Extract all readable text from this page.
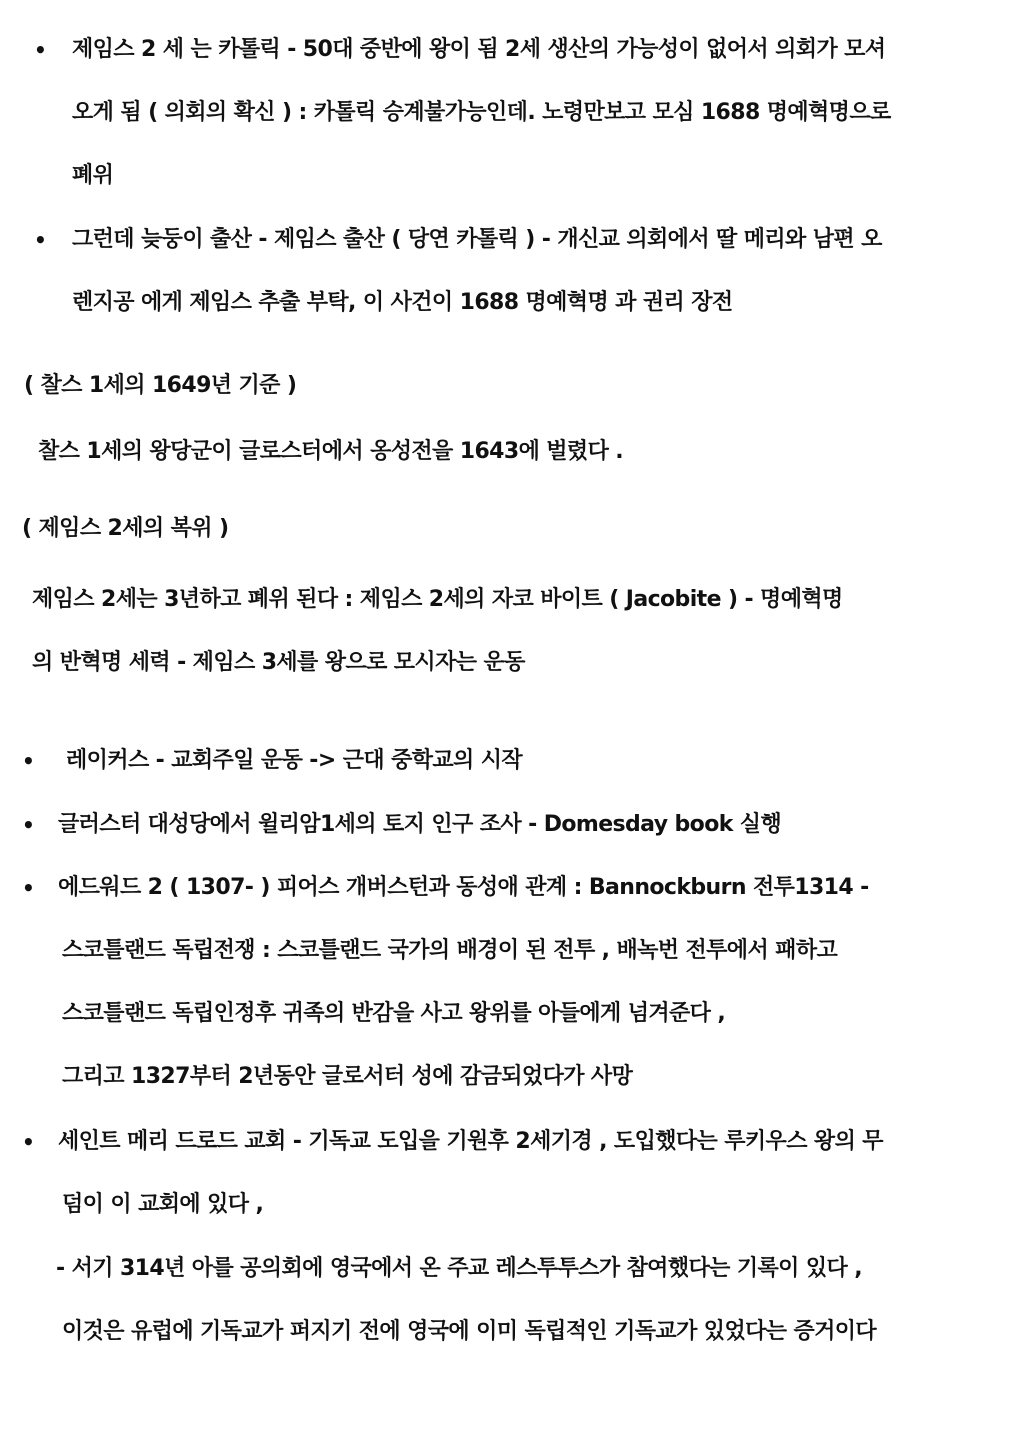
• 제임스 2 세 는 카톨릭 - 50대 중반에 왕이 됨 2세 생산의 가능성이 없어서 의회가 모셔
오게 됨 ( 의회의 확신 ) : 카톨릭 승계불가능인데. 노령만보고 모심 1688 명예혁명으로
폐위
• 그런데 늦둥이 출산 - 제임스 출산 ( 당연 카톨릭 ) - 개신교 의회에서 딸 메리와 남편 오
렌지공 에게 제임스 추출 부탁, 이 사건이 1688 명예혁명 과 권리 장전
( 찰스 1세의 1649년 기준 )
찰스 1세의 왕당군이 글로스터에서 옹성전을 1643에 벌렸다 .
( 제임스 2세의 복위 )
제임스 2세는 3년하고 폐위 된다 : 제임스 2세의 자코 바이트 ( Jacobite ) - 명예혁명
의 반혁명 세력 - 제임스 3세를 왕으로 모시자는 운동
• 레이커스 - 교회주일 운동 -> 근대 중학교의 시작
• 글러스터 대성당에서 윌리암1세의 토지 인구 조사 - Domesday book 실행
• 에드워드 2 ( 1307- ) 피어스 개버스턴과 동성애 관계 : Bannockburn 전투1314 -
스코틀랜드 독립전쟁 : 스코틀랜드 국가의 배경이 된 전투 , 배녹번 전투에서 패하고
스코틀랜드 독립인정후 귀족의 반감을 사고 왕위를 아들에게 넘겨준다 ,
그리고 1327부터 2년동안 글로서터 성에 감금되었다가 사망
• 세인트 메리 드로드 교회 - 기독교 도입을 기원후 2세기경 , 도입했다는 루키우스 왕의 무
덤이 이 교회에 있다 ,
- 서기 314년 아를 공의회에 영국에서 온 주교 레스투투스가 참여했다는 기록이 있다 ,
이것은 유럽에 기독교가 퍼지기 전에 영국에 이미 독립적인 기독교가 있었다는 증거이다
